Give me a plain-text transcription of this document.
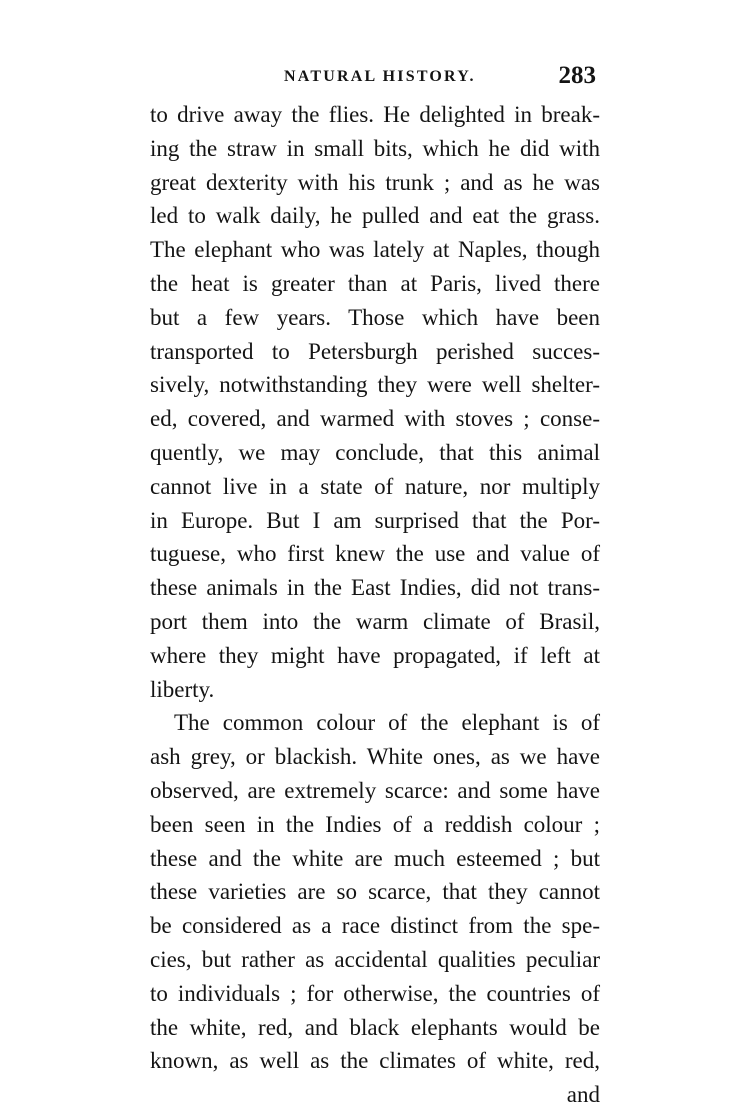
NATURAL HISTORY.	283
to drive away the flies. He delighted in break-
ing the straw in small bits, which he did with
great dexterity with his trunk ; and as he was
led to walk daily, he pulled and eat the grass.
The elephant who was lately at Naples, though
the heat is greater than at Paris, lived there
but a few years. Those which have been
transported to Petersburgh perished succes-
sively, notwithstanding they were well shelter-
ed, covered, and warmed with stoves ; conse-
quently, we may conclude, that this animal
cannot live in a state of nature, nor multiply
in Europe. But I am surprised that the Por-
tuguese, who first knew the use and value of
these animals in the East Indies, did not trans-
port them into the warm climate of Brasil,
where they might have propagated, if left at
liberty.
The common colour of the elephant is of
ash grey, or blackish. White ones, as we have
observed, are extremely scarce: and some have
been seen in the Indies of a reddish colour ;
these and the white are much esteemed ; but
these varieties are so scarce, that they cannot
be considered as a race distinct from the spe-
cies, but rather as accidental qualities peculiar
to individuals ; for otherwise, the countries of
the white, red, and black elephants would be
known, as well as the climates of white, red,
and
